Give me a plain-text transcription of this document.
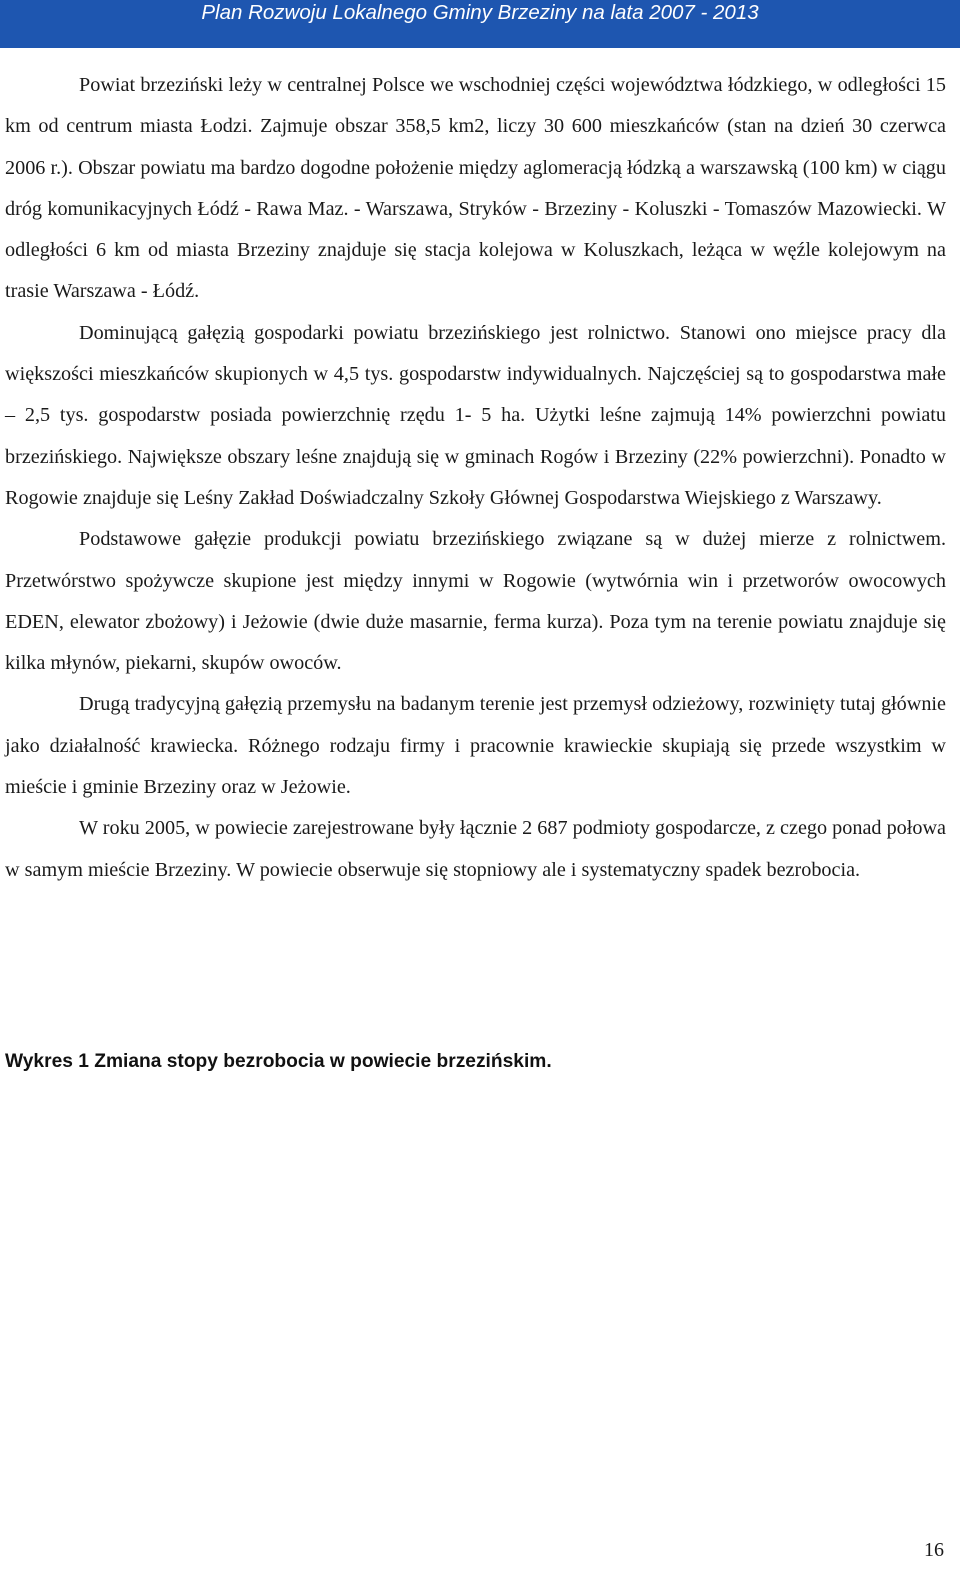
Plan Rozwoju Lokalnego Gminy Brzeziny na lata 2007 - 2013

Powiat brzeziński leży w centralnej Polsce we wschodniej części województwa łódzkiego, w odległości 15 km od centrum miasta Łodzi. Zajmuje obszar 358,5 km2, liczy 30 600 mieszkańców (stan na dzień 30 czerwca 2006 r.). Obszar powiatu ma bardzo dogodne położenie między aglomeracją łódzką a warszawską (100 km) w ciągu dróg komunikacyjnych Łódź - Rawa Maz. - Warszawa, Stryków - Brzeziny - Koluszki - Tomaszów Mazowiecki. W odległości 6 km od miasta Brzeziny znajduje się stacja kolejowa w Koluszkach, leżąca w węźle kolejowym na trasie Warszawa - Łódź.

Dominującą gałęzią gospodarki powiatu brzezińskiego jest rolnictwo. Stanowi ono miejsce pracy dla większości mieszkańców skupionych w 4,5 tys. gospodarstw indywidualnych. Najczęściej są to gospodarstwa małe – 2,5 tys. gospodarstw posiada powierzchnię rzędu 1- 5 ha. Użytki leśne zajmują 14% powierzchni powiatu brzezińskiego. Największe obszary leśne znajdują się w gminach Rogów i Brzeziny (22% powierzchni). Ponadto w Rogowie znajduje się Leśny Zakład Doświadczalny Szkoły Głównej Gospodarstwa Wiejskiego z Warszawy.

Podstawowe gałęzie produkcji powiatu brzezińskiego związane są w dużej mierze z rolnictwem. Przetwórstwo spożywcze skupione jest między innymi w Rogowie (wytwórnia win i przetworów owocowych EDEN, elewator zbożowy) i Jeżowie (dwie duże masarnie, ferma kurza). Poza tym na terenie powiatu znajduje się kilka młynów, piekarni, skupów owoców.

Drugą tradycyjną gałęzią przemysłu na badanym terenie jest przemysł odzieżowy, rozwinięty tutaj głównie jako działalność krawiecka. Różnego rodzaju firmy i pracownie krawieckie skupiają się przede wszystkim w mieście i gminie Brzeziny oraz w Jeżowie.

W roku 2005, w powiecie zarejestrowane były łącznie 2 687 podmioty gospodarcze, z czego ponad połowa w samym mieście Brzeziny. W powiecie obserwuje się stopniowy ale i systematyczny spadek bezrobocia.

Wykres 1 Zmiana stopy bezrobocia w powiecie brzezińskim.
16
